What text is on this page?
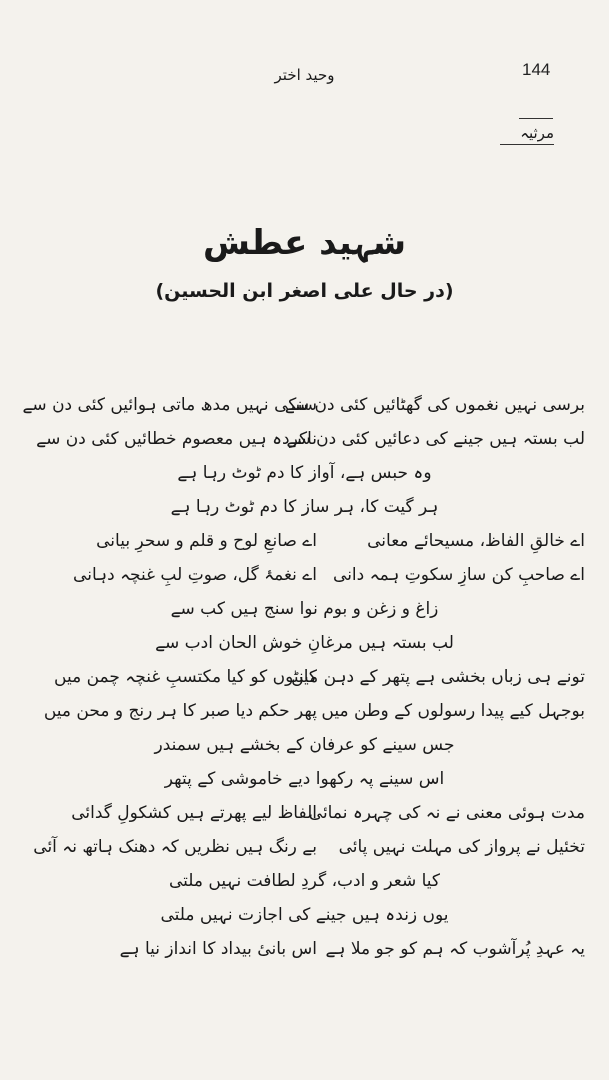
144
وحید اختر
مرثیہ
شہید عطش
(در حال علی اصغر ابن الحسین)
برسی نہیں نغموں کی گھٹائیں کئی دن سے
سنکی نہیں مدھ ماتی ہوائیں کئی دن سے
لب بستہ ہیں جینے کی دعائیں کئی دن سے
ناکردہ ہیں معصوم خطائیں کئی دن سے
وہ حبس ہے، آواز کا دم ٹوٹ رہا ہے
ہر گیت کا، ہر ساز کا دم ٹوٹ رہا ہے
اے خالقِ الفاظ، مسیحائے معانی
اے صانعِ لوح و قلم و سحرِ بیانی
اے صاحبِ کن سازِ سکوتِ ہمہ دانی
اے نغمۂ گل، صوتِ لبِ غنچہ دہانی
زاغ و زغن و بوم نوا سنج ہیں کب سے
لب بستہ ہیں مرغانِ خوش الحان ادب سے
تونے ہی زباں بخشی ہے پتھر کے دہن میں
کانٹوں کو کیا مکتسبِ غنچہ چمن میں
بوجہل کیے پیدا رسولوں کے وطن میں
پھر حکم دیا صبر کا ہر رنج و محن میں
جس سینے کو عرفان کے بخشے ہیں سمندر
اس سینے پہ رکھوا دیے خاموشی کے پتھر
مدت ہوئی معنی نے نہ کی چہرہ نمائی
الفاظ لیے پھرتے ہیں کشکولِ گدائی
تخئیل نے پرواز کی مہلت نہیں پائی
بے رنگ ہیں نظریں کہ دھنک ہاتھ نہ آئی
کیا شعر و ادب، گردِ لطافت نہیں ملتی
یوں زندہ ہیں جینے کی اجازت نہیں ملتی
یہ عہدِ پُرآشوب کہ ہم کو جو ملا ہے
اس بانیٔ بیداد کا انداز نیا ہے
